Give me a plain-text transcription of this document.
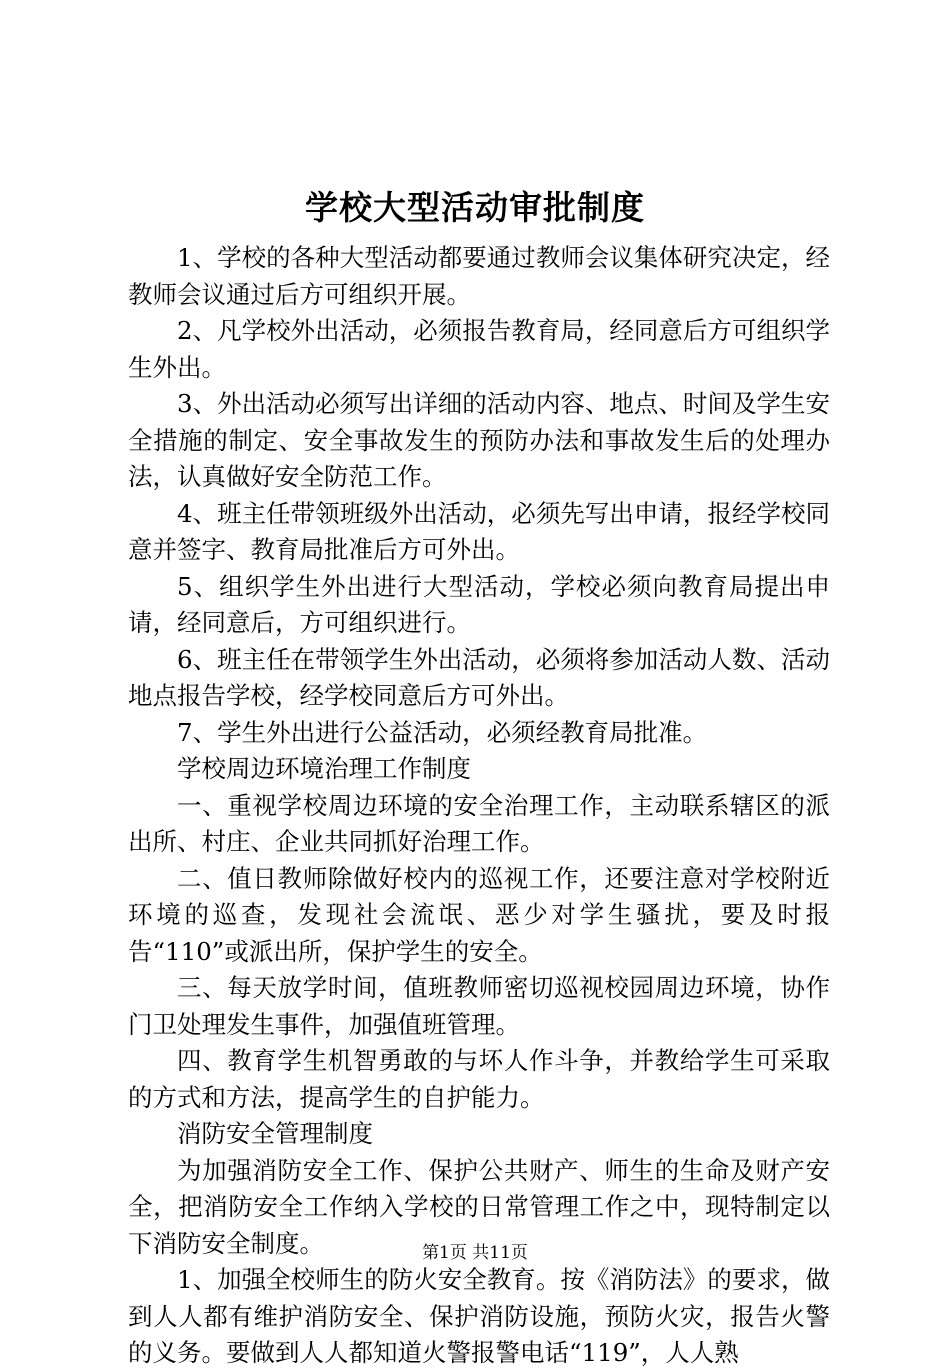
学校大型活动审批制度

1、学校的各种大型活动都要通过教师会议集体研究决定，经教师会议通过后方可组织开展。

2、凡学校外出活动，必须报告教育局，经同意后方可组织学生外出。

3、外出活动必须写出详细的活动内容、地点、时间及学生安全措施的制定、安全事故发生的预防办法和事故发生后的处理办法，认真做好安全防范工作。

4、班主任带领班级外出活动，必须先写出申请，报经学校同意并签字、教育局批准后方可外出。

5、组织学生外出进行大型活动，学校必须向教育局提出申请，经同意后，方可组织进行。

6、班主任在带领学生外出活动，必须将参加活动人数、活动地点报告学校，经学校同意后方可外出。

7、学生外出进行公益活动，必须经教育局批准。

学校周边环境治理工作制度

一、重视学校周边环境的安全治理工作，主动联系辖区的派出所、村庄、企业共同抓好治理工作。

二、值日教师除做好校内的巡视工作，还要注意对学校附近环境的巡查，发现社会流氓、恶少对学生骚扰，要及时报告“110”或派出所，保护学生的安全。

三、每天放学时间，值班教师密切巡视校园周边环境，协作门卫处理发生事件，加强值班管理。

四、教育学生机智勇敢的与坏人作斗争，并教给学生可采取的方式和方法，提高学生的自护能力。

消防安全管理制度

为加强消防安全工作、保护公共财产、师生的生命及财产安全，把消防安全工作纳入学校的日常管理工作之中，现特制定以下消防安全制度。

1、加强全校师生的防火安全教育。按《消防法》的要求，做到人人都有维护消防安全、保护消防设施，预防火灾，报告火警的义务。要做到人人都知道火警报警电话“119”，人人熟

第1页 共11页
